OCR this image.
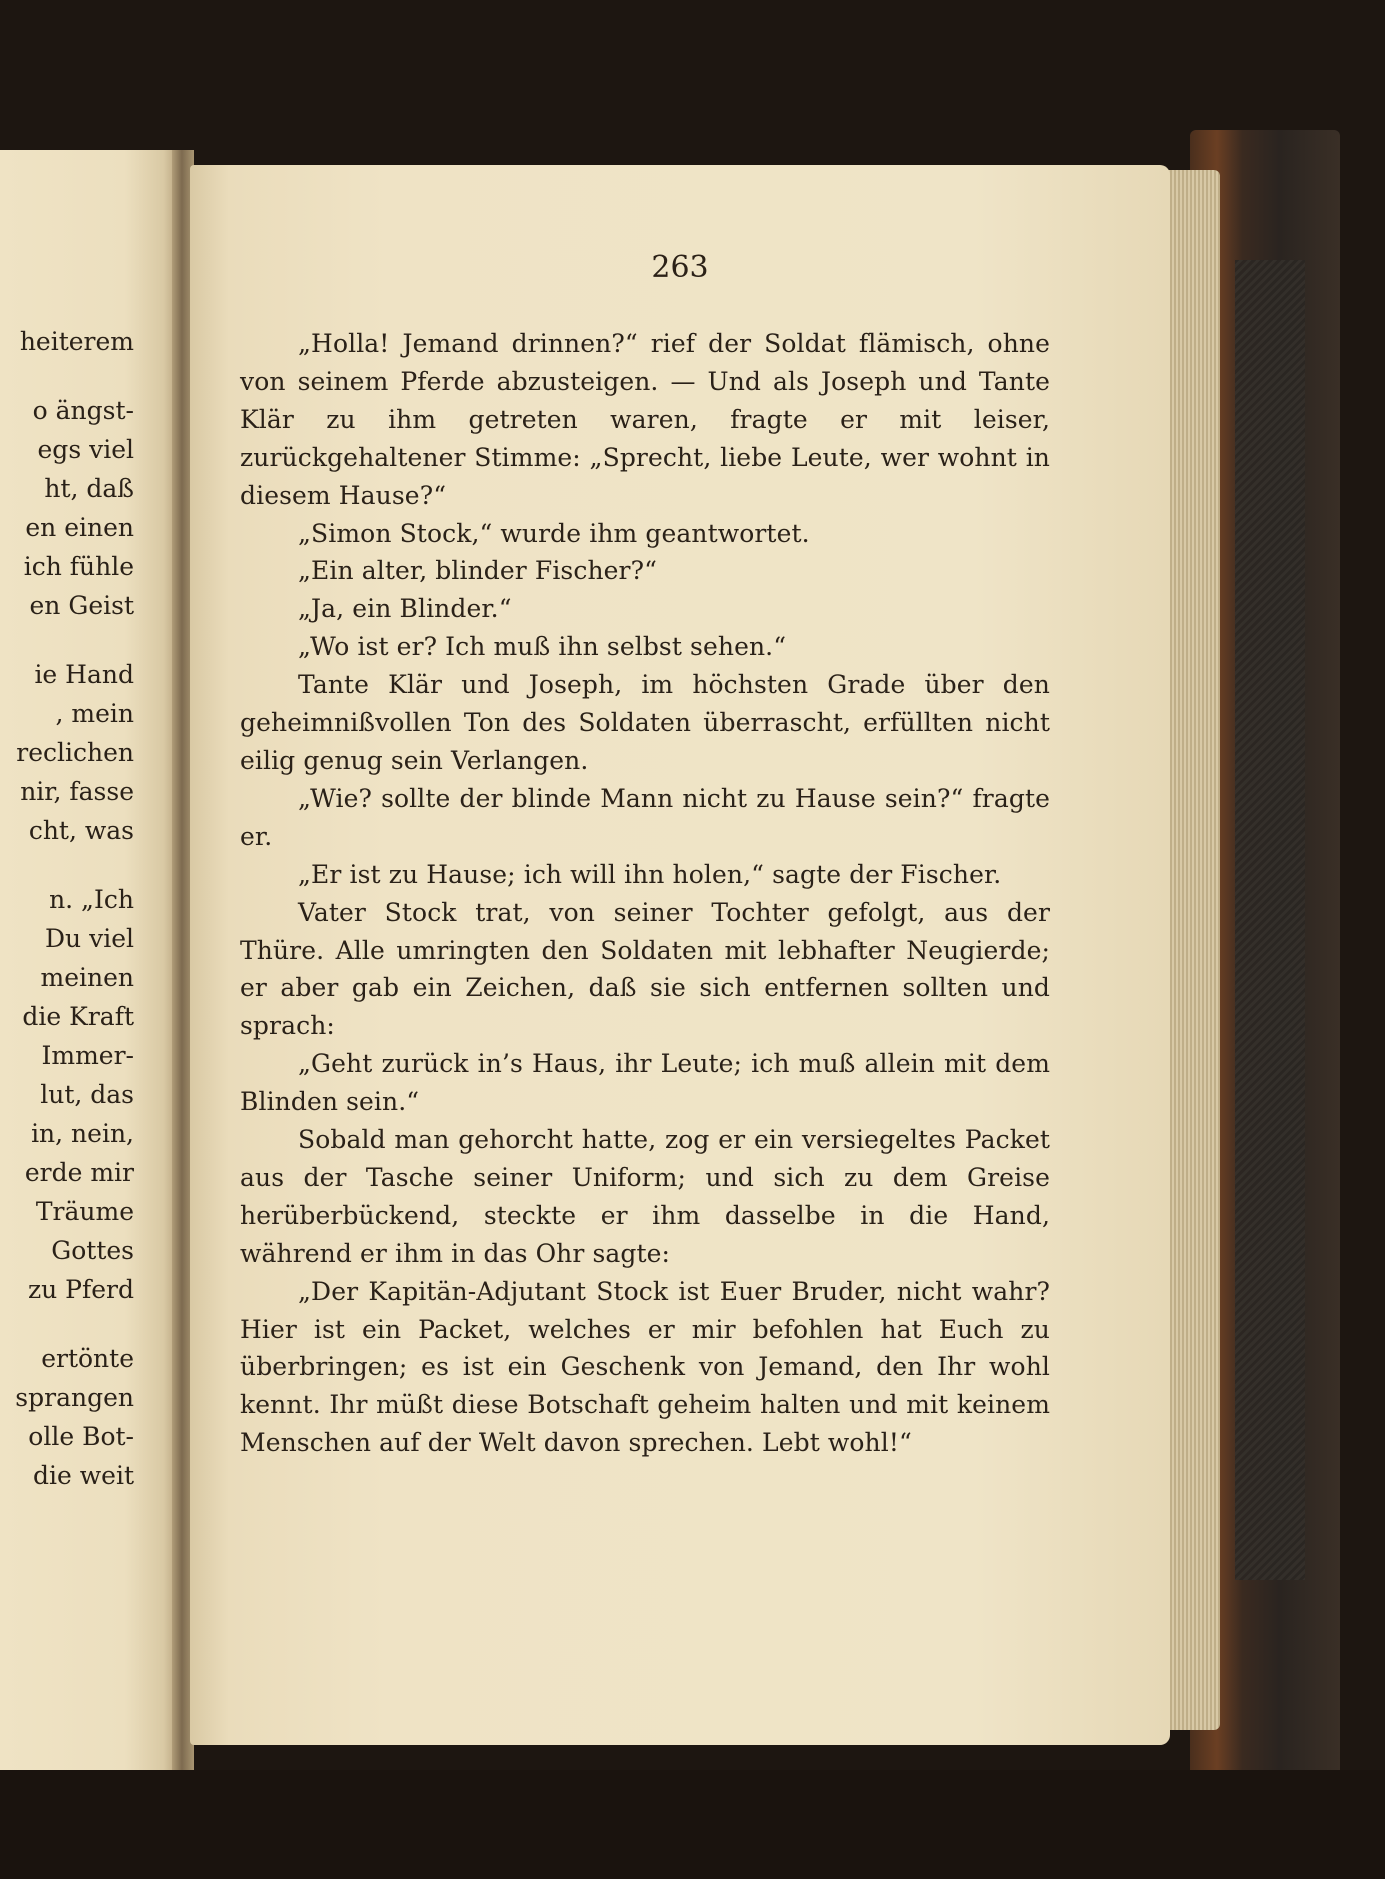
heiterem
o ängst-
egs viel
ht, daß
en einen
ich fühle
en Geist
ie Hand
, mein
reclichen
nir, fasse
cht, was
n. „Ich
Du viel
meinen
die Kraft
Immer-
lut, das
in, nein,
erde mir
Träume
Gottes
zu Pferd
ertönte
sprangen
olle Bot-
die weit
263

„Holla! Jemand drinnen?“ rief der Soldat flämisch, ohne von seinem Pferde abzusteigen. — Und als Joseph und Tante Klär zu ihm getreten waren, fragte er mit leiser, zurückgehaltener Stimme: „Sprecht, liebe Leute, wer wohnt in diesem Hause?“

„Simon Stock,“ wurde ihm geantwortet.

„Ein alter, blinder Fischer?“

„Ja, ein Blinder.“

„Wo ist er? Ich muß ihn selbst sehen.“

Tante Klär und Joseph, im höchsten Grade über den geheimnißvollen Ton des Soldaten überrascht, erfüllten nicht eilig genug sein Verlangen.

„Wie? sollte der blinde Mann nicht zu Hause sein?“ fragte er.

„Er ist zu Hause; ich will ihn holen,“ sagte der Fischer.

Vater Stock trat, von seiner Tochter gefolgt, aus der Thüre. Alle umringten den Soldaten mit lebhafter Neugierde; er aber gab ein Zeichen, daß sie sich entfernen sollten und sprach:

„Geht zurück in’s Haus, ihr Leute; ich muß allein mit dem Blinden sein.“

Sobald man gehorcht hatte, zog er ein versiegeltes Packet aus der Tasche seiner Uniform; und sich zu dem Greise herüberbückend, steckte er ihm dasselbe in die Hand, während er ihm in das Ohr sagte:

„Der Kapitän-Adjutant Stock ist Euer Bruder, nicht wahr? Hier ist ein Packet, welches er mir befohlen hat Euch zu überbringen; es ist ein Geschenk von Jemand, den Ihr wohl kennt. Ihr müßt diese Botschaft geheim halten und mit keinem Menschen auf der Welt davon sprechen. Lebt wohl!“
